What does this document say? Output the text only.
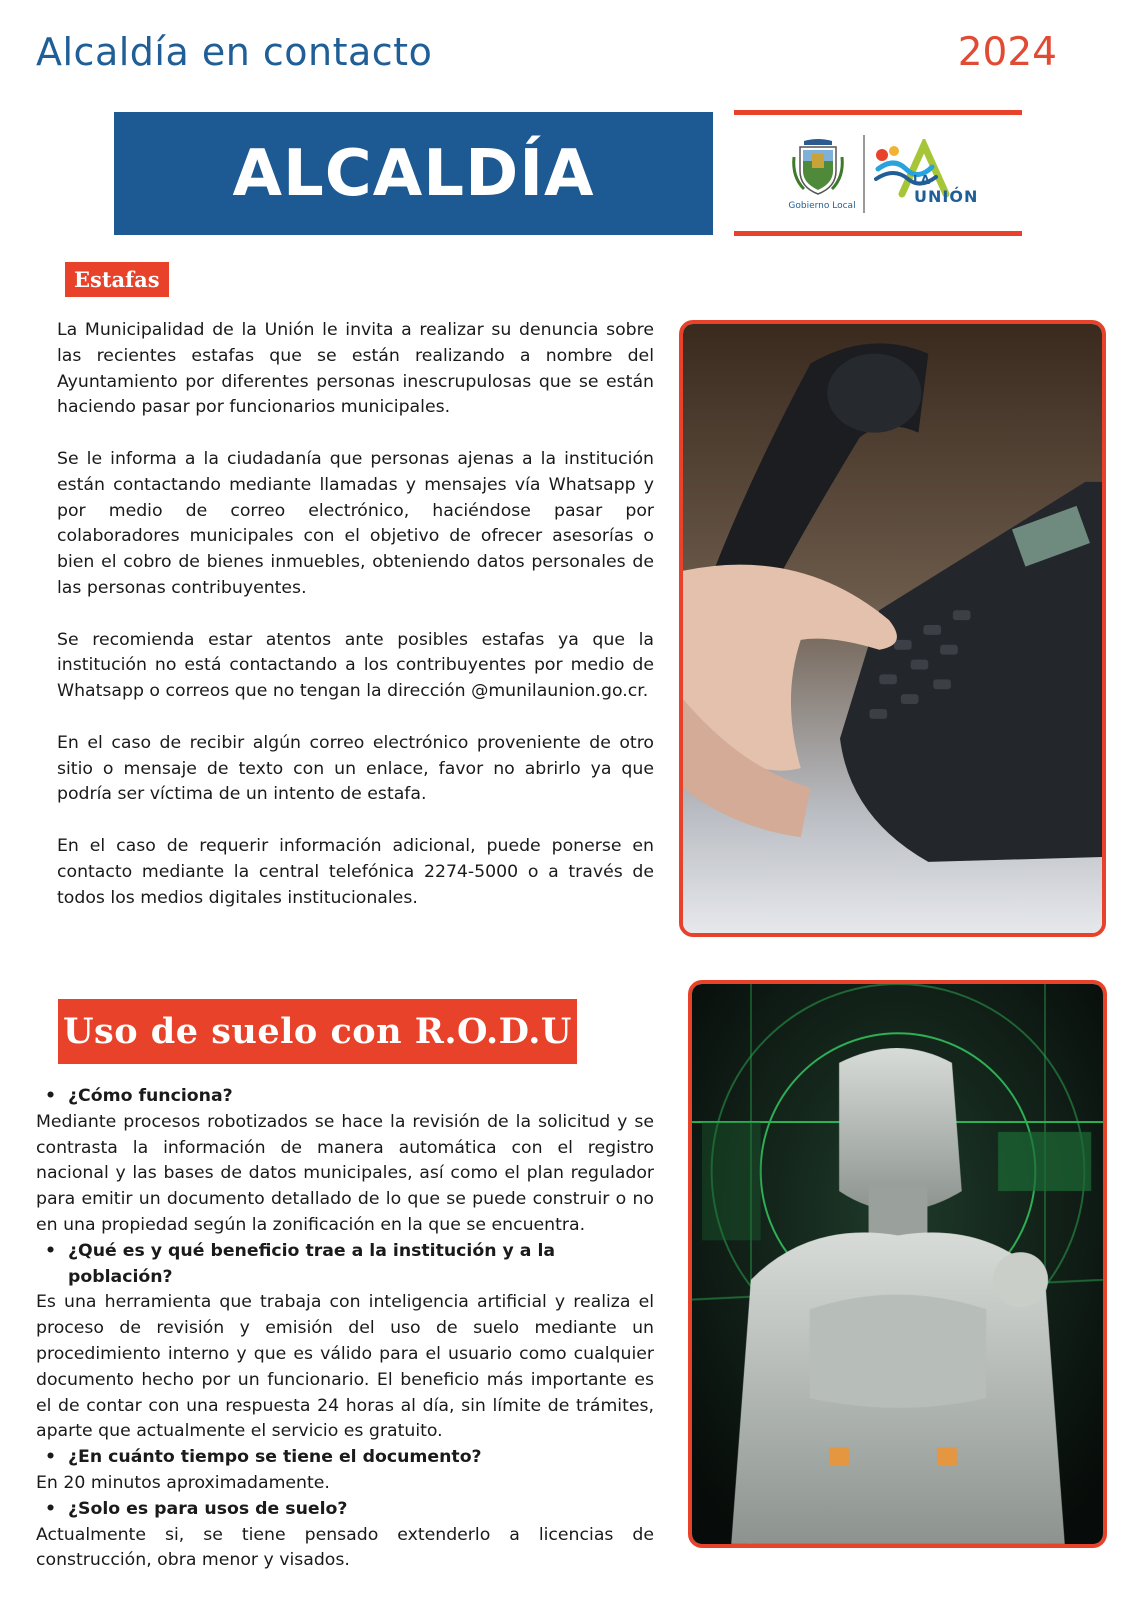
Alcaldía en contacto	2024
ALCALDÍA	Gobierno Local
LA
UNIÓN
Estafas

La Municipalidad de la Unión le invita a realizar su denuncia sobre las recientes estafas que se están realizando a nombre del Ayuntamiento por diferentes personas inescrupulosas que se están haciendo pasar por funcionarios municipales.

Se le informa a la ciudadanía que personas ajenas a la institución están contactando mediante llamadas y mensajes vía Whatsapp y por medio de correo electrónico, haciéndose pasar por colaboradores municipales con el objetivo de ofrecer asesorías o bien el cobro de bienes inmuebles, obteniendo datos personales de las personas contribuyentes.

Se recomienda estar atentos ante posibles estafas ya que la institución no está contactando a los contribuyentes por medio de Whatsapp o correos que no tengan la dirección @munilaunion.go.cr.

En el caso de recibir algún correo electrónico proveniente de otro sitio o mensaje de texto con un enlace, favor no abrirlo ya que podría ser víctima de un intento de estafa.

En el caso de requerir información adicional, puede ponerse en contacto mediante la central telefónica 2274-5000 o a través de todos los medios digitales institucionales.

Uso de suelo con R.O.D.U

• ¿Cómo funciona?

Mediante procesos robotizados se hace la revisión de la solicitud y se contrasta la información de manera automática con el registro nacional y las bases de datos municipales, así como el plan regulador para emitir un documento detallado de lo que se puede construir o no en una propiedad según la zonificación en la que se encuentra.

• ¿Qué es y qué beneficio trae a la institución y a la población?

Es una herramienta que trabaja con inteligencia artificial y realiza el proceso de revisión y emisión del uso de suelo mediante un procedimiento interno y que es válido para el usuario como cualquier documento hecho por un funcionario. El beneficio más importante es el de contar con una respuesta 24 horas al día, sin límite de trámites, aparte que actualmente el servicio es gratuito.

• ¿En cuánto tiempo se tiene el documento?

En 20 minutos aproximadamente.

• ¿Solo es para usos de suelo?

Actualmente si, se tiene pensado extenderlo a licencias de construcción, obra menor y visados.
